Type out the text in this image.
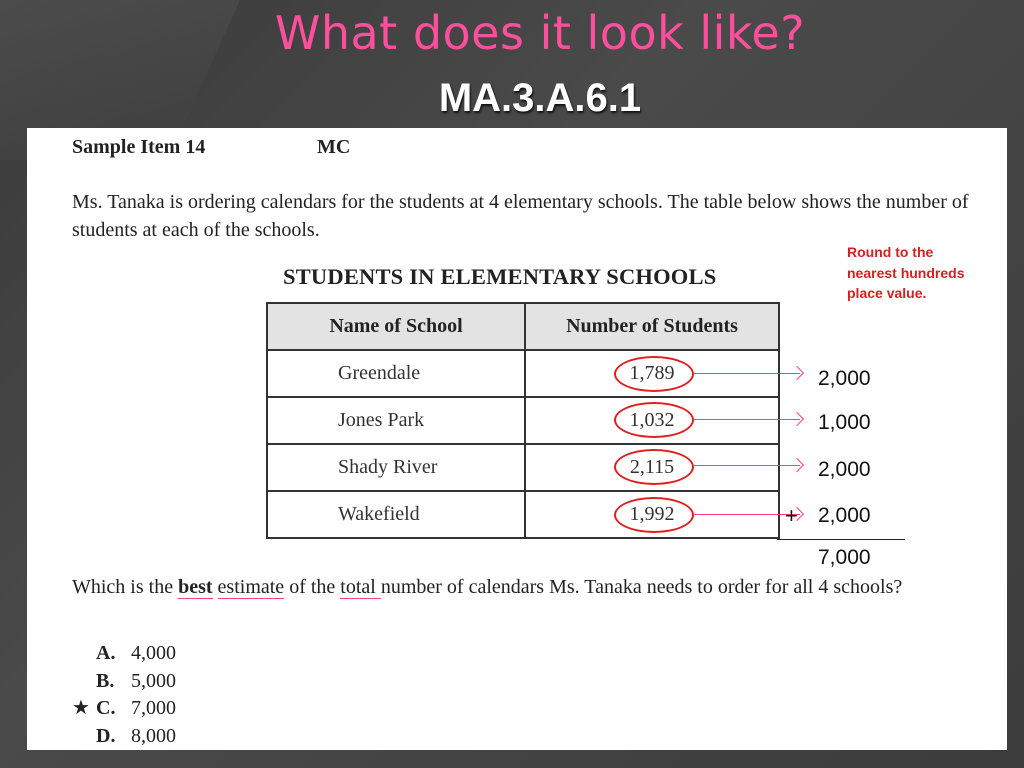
What does it look like?
MA.3.A.6.1
Sample Item 14	MC
Ms. Tanaka is ordering calendars for the students at 4 elementary schools. The table below shows the number of students at each of the schools.
STUDENTS IN ELEMENTARY SCHOOLS
Name of School	Number of Students
Greendale	1,789
Jones Park	1,032
Shady River	2,115
Wakefield	1,992
Round to the nearest hundreds place value.
2,000
1,000
2,000
2,000
+
7,000
Which is the best estimate of the total number of calendars Ms. Tanaka needs to order for all 4 schools?
A. 4,000
B. 5,000
★ C. 7,000
D. 8,000
